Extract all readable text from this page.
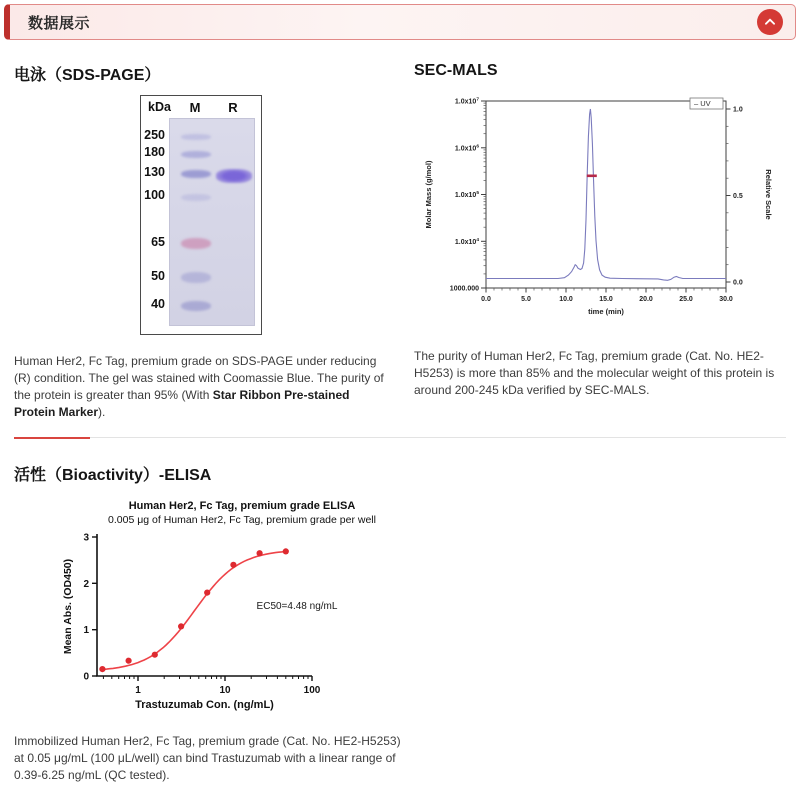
数据展示
电泳（SDS-PAGE）
kDa M R
250
180
130
100
65
50
40

Human Her2, Fc Tag, premium grade on SDS-PAGE under reducing (R) condition. The gel was stained with Coomassie Blue. The purity of the protein is greater than 95% (With Star Ribbon Pre-stained Protein Marker).

SEC-MALS
$1.0x10^7$
$1.0x10^6$
$1.0x10^5$
$1.0x10^4$
1000.000
0.0	5.0	10.0	15.0	20.0	25.0	30.0
0.0
0.5
1.0
Molar Mass (g/mol)	Relative Scale
time (min)
– UV

The purity of Human Her2, Fc Tag, premium grade (Cat. No. HE2-H5253) is more than 85% and the molecular weight of this protein is around 200-245 kDa verified by SEC-MALS.

活性（Bioactivity）-ELISA
Human Her2, Fc Tag, premium grade ELISA
0.005 μg of Human Her2, Fc Tag, premium grade per well
0
1
2
3
1	10	100
EC50=4.48 ng/mL
Mean Abs. (OD450)
Trastuzumab Con. (ng/mL)

Immobilized Human Her2, Fc Tag, premium grade (Cat. No. HE2-H5253) at 0.05 μg/mL (100 μL/well) can bind Trastuzumab with a linear range of 0.39-6.25 ng/mL (QC tested).
